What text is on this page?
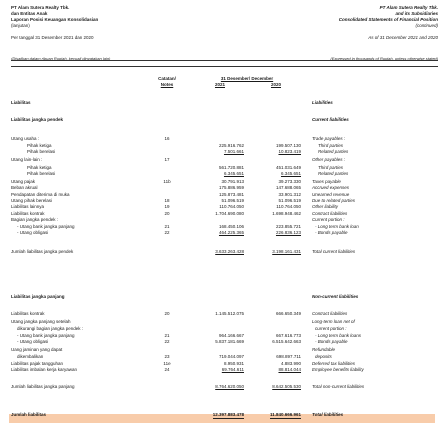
PT Alam Sutera Realty Tbk.
dan Entitas Anak
Laporan Posisi Keuangan Konsolidasian
(lanjutan)
Per tanggal 31 Desember 2021 dan 2020
PT Alam Sutera Realty Tbk.
and its Subsidiaries
Consolidated Statements of Financial Position
(continued)
As of 31 December 2021 and 2020
(Disajikan dalam ribuan Rupiah, kecuali dinyatakan lain)	(Expressed in thousands of Rupiah, unless otherwise stated)
Catatan/
Notes
31 Desember/ December
2021	2020
Liabilitas	Liabilities
Liabilitas jangka pendek	Current liabilities
Utang usaha :	16	Trade payables :
Pihak ketiga	225.916.762	199.507.130	Third parties
Pihak berelasi	7.501.661	10.823.419	Related parties
Utang lain-lain :	17	Other payables :
Pihak ketiga	561.720.881	451.031.649	Third parties
Pihak berelasi	6.345.651	6.345.651	Related parties
Utang pajak	11b	30.791.913	39.273.330 Taxes payable
Beban akrual	175.886.959	147.688.065 Accrued expenses
Pendapatan diterima di muka	125.873.481	33.901.312 Unearned revenue
Utang pihak berelasi	18	51.096.519	51.096.519 Due to related parties
Liabilitas lainnya	19	110.764.050	110.764.050 Other liability
Liabilitas kontrak	20	1.704.690.080	1.698.948.462 Contract liabilities
Bagian jangka pendek :	Current portion :
- Utang bank jangka panjang	21	168.450.106	223.855.721	- Long term bank loan
- Utang obligasi	22	464.225.365	226.836.123	- Bonds payable
Jumlah liabilitas jangka pendek	3.633.263.428	3.198.161.431 Total current liabilities
Liabilitas jangka panjang	Non-current liabilities
Liabilitas kontrak	20	1.145.512.075	666.650.349 Contract liabilities
Utang jangka panjang setelah	Long-term loan net of
dikurangi bagian jangka pendek :	current portion :
- Utang bank jangka panjang	21	964.166.667	667.616.773	- Long term bank loans
- Utang obligasi	22	5.837.181.669	6.515.642.663	- Bonds payable
Uang jaminan yang dapat	Refundable
dikembalikan	23	719.044.097	698.897.711	deposits
Liabilitas pajak tangguhan	11e	8.950.931	4.883.990 Deferred tax liabilities
Liabilitas imbalan kerja karyawan	24	69.764.611	88.814.044 Employee benefits liability
Jumlah liabilitas jangka panjang	8.764.620.050	8.642.505.530 Total non-current liabilities
Jumlah liabilitas	12.397.883.478	11.840.666.961 Total liabilities
